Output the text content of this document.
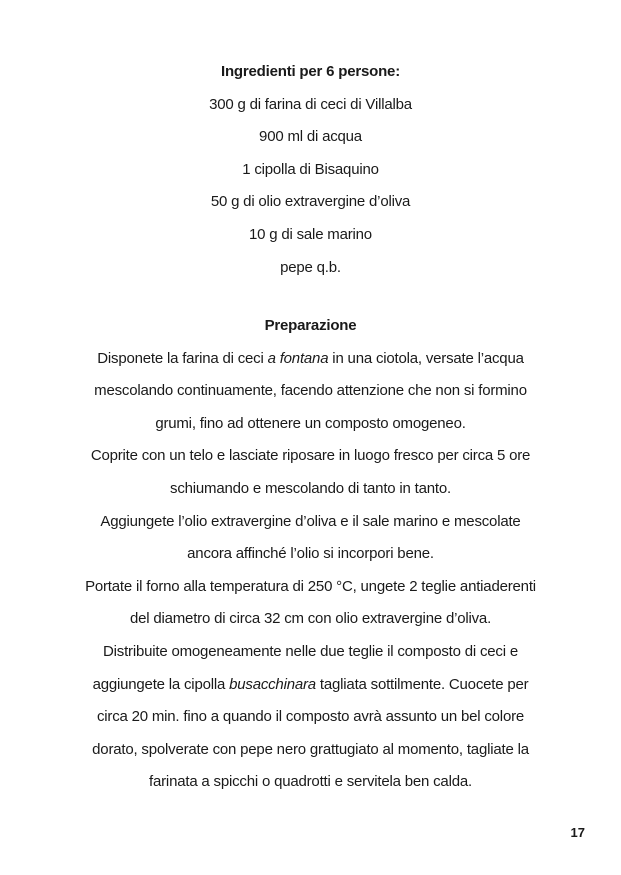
Ingredienti per 6 persone:
300 g di farina di ceci di Villalba
900 ml di acqua
1 cipolla di Bisaquino
50 g di olio extravergine d’oliva
10 g di sale marino
pepe q.b.
Preparazione
Disponete la farina di ceci a fontana in una ciotola, versate l’acqua
mescolando continuamente, facendo attenzione che non si formino
grumi, fino ad ottenere un composto omogeneo.
Coprite con un telo e lasciate riposare in luogo fresco per circa 5 ore
schiumando e mescolando di tanto in tanto.
Aggiungete l’olio extravergine d’oliva e il sale marino e mescolate
ancora affinché l’olio si incorpori bene.
Portate il forno alla temperatura di 250 °C, ungete 2 teglie antiaderenti
del diametro di circa 32 cm con olio extravergine d’oliva.
Distribuite omogeneamente nelle due teglie il composto di ceci e
aggiungete la cipolla busacchinara tagliata sottilmente. Cuocete per
circa 20 min. fino a quando il composto avrà assunto un bel colore
dorato, spolverate con pepe nero grattugiato al momento, tagliate la
farinata a spicchi o quadrotti e servitela ben calda.
17
